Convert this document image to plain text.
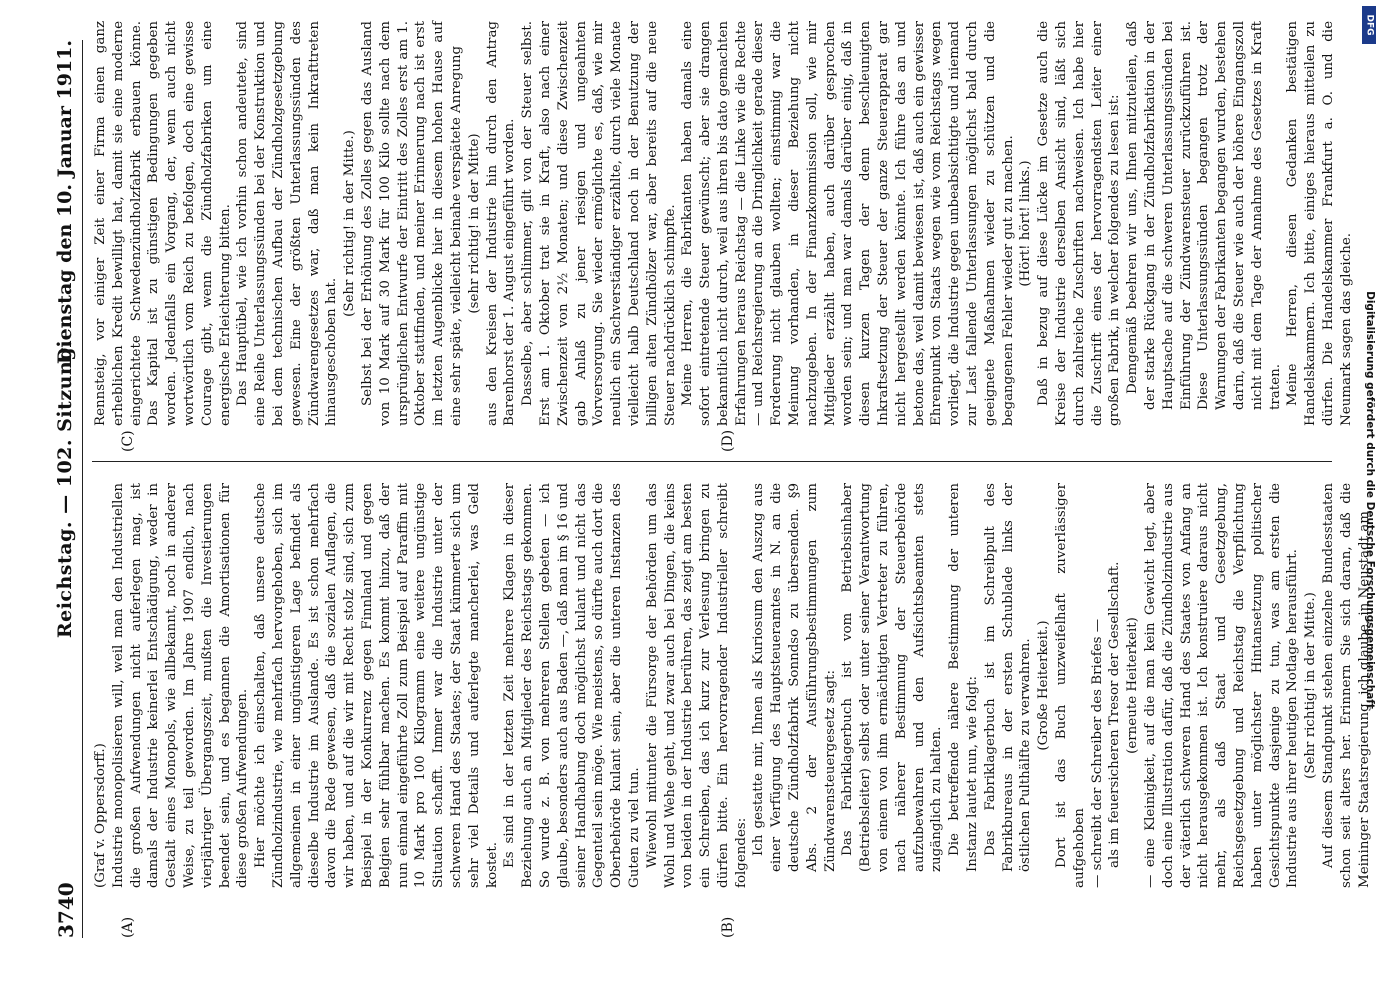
3740
Reichstag. — 102. Sitzung.
Dienstag den 10. Januar 1911.
(A)	(B)
(C)	(D)

(Graf v. Oppersdorff.) Industrie monopolisieren will, weil man den Industriellen die großen Aufwendungen nicht auferlegen mag, ist damals der Industrie keinerlei Entschädigung, weder in Gestalt eines Monopols, wie allbekannt, noch in anderer Weise, zu teil geworden. Im Jahre 1907 endlich, nach vierjähriger Übergangszeit, mußten die Investierungen beendet sein, und es begannen die Amortisationen für diese großen Aufwendungen. Hier möchte ich einschalten, daß unsere deutsche Zündholzindustrie, wie mehrfach hervorgehoben, sich im allgemeinen in einer ungünstigeren Lage befindet als dieselbe Industrie im Auslande. Es ist schon mehrfach davon die Rede gewesen, daß die sozialen Auflagen, die wir haben, und auf die wir mit Recht stolz sind, sich zum Beispiel in der Konkurrenz gegen Finnland und gegen Belgien sehr fühlbar machen. Es kommt hinzu, daß der nun einmal eingeführte Zoll zum Beispiel auf Paraffin mit 10 Mark pro 100 Kilogramm eine weitere ungünstige Situation schafft. Immer war die Industrie unter der schweren Hand des Staates; der Staat kümmerte sich um sehr viel Details und auferlegte mancherlei, was Geld kostet. Es sind in der letzten Zeit mehrere Klagen in dieser Beziehung auch an Mitglieder des Reichstags gekommen. So wurde z. B. von mehreren Stellen gebeten — ich glaube, besonders auch aus Baden —, daß man im § 16 und seiner Handhabung doch möglichst kulant und nicht das Gegenteil sein möge. Wie meistens, so dürfte auch dort die Oberbehörde kulant sein, aber die unteren Instanzen des Guten zu viel tun. Wiewohl mitunter die Fürsorge der Behörden um das Wohl und Wehe geht, und zwar auch bei Dingen, die keins von beiden in der Industrie berühren, das zeigt am besten ein Schreiben, das ich kurz zur Verlesung bringen zu dürfen bitte. Ein hervorragender Industrieller schreibt folgendes: Ich gestatte mir, Ihnen als Kuriosum den Auszug aus einer Verfügung des Hauptsteueramtes in N. an die deutsche Zündholzfabrik Sonndso zu übersenden. §9 Abs. 2 der Ausführungsbestimmungen zum Zündwarensteuergesetz sagt: Das Fabriklagerbuch ist vom Betriebsinhaber (Betriebsleiter) selbst oder unter seiner Verantwortung von einem von ihm ermächtigten Vertreter zu führen, nach näherer Bestimmung der Steuerbehörde aufzubewahren und den Aufsichtsbeamten stets zugänglich zu halten. Die betreffende nähere Bestimmung der unteren Instanz lautet nun, wie folgt: Das Fabriklagerbuch ist im Schreibpult des Fabrikbureaus in der ersten Schublade links der östlichen Pulthälfte zu verwahren. (Große Heiterkeit.) Dort ist das Buch unzweifelhaft zuverlässiger aufgehoben — schreibt der Schreiber des Briefes — als im feuersicheren Tresor der Gesellschaft. (erneute Heiterkeit) — eine Kleinigkeit, auf die man kein Gewicht legt, aber doch eine Illustration dafür, daß die Zündholzindustrie aus der väterlich schweren Hand des Staates von Anfang an nicht herausgekommen ist. Ich konstruiere daraus nicht mehr, als daß Staat und Gesetzgebung, Reichsgesetzgebung und Reichstag die Verpflichtung haben unter möglichster Hintansetzung politischer Gesichtspunkte dasjenige zu tun, was am ersten die Industrie aus ihrer heutigen Notlage herausführt. (Sehr richtig! in der Mitte.) Auf diesem Standpunkt stehen einzelne Bundesstaaten schon seit alters her. Erinnern Sie sich daran, daß die Meininger Staatsregierung, ich glaube, in Neustadt am

Rennsteig, vor einiger Zeit einer Firma einen ganz erheblichen Kredit bewilligt hat, damit sie eine moderne eingerichtete Schwedenzündholzfabrik erbauen könne. Das Kapital ist zu günstigen Bedingungen gegeben worden. Jedenfalls ein Vorgang, der, wenn auch nicht wortwörtlich vom Reich zu befolgen, doch eine gewisse Courage gibt, wenn die Zündholzfabriken um eine energische Erleichterung bitten. Das Hauptübel, wie ich vorhin schon andeutete, sind eine Reihe Unterlassungssünden bei der Konstruktion und bei dem technischen Aufbau der Zündholzgesetzgebung gewesen. Eine der größten Unterlassungssünden des Zündwarengesetzes war, daß man kein Inkrafttreten hinausgeschoben hat.

(Sehr richtig! in der Mitte.) Selbst bei der Erhöhung des Zolles gegen das Ausland von 10 Mark auf 30 Mark für 100 Kilo sollte nach dem ursprünglichen Entwurfe der Eintritt des Zolles erst am 1. Oktober stattfinden, und meiner Erinnerung nach ist erst im letzten Augenblicke hier in diesem hohen Hause auf eine sehr späte, vielleicht beinahe verspätete Anregung (sehr richtig! in der Mitte) aus den Kreisen der Industrie hin durch den Antrag Barenhorst der 1. August eingeführt worden. Dasselbe, aber schlimmer, gilt von der Steuer selbst. Erst am 1. Oktober trat sie in Kraft, also nach einer Zwischenzeit von 2½ Monaten; und diese Zwischenzeit gab Anlaß zu jener riesigen und ungeahnten Vorversorgung. Sie wieder ermöglichte es, daß, wie mir neulich ein Sachverständiger erzählte, durch viele Monate vielleicht halb Deutschland noch in der Benutzung der billigen alten Zündhölzer war, aber bereits auf die neue Steuer nachdrücklich schimpfte. Meine Herren, die Fabrikanten haben damals eine sofort eintretende Steuer gewünscht; aber sie drangen bekanntlich nicht durch, weil aus ihren bis dato gemachten Erfahrungen heraus Reichstag — die Linke wie die Rechte — und Reichsregierung an die Dringlichkeit gerade dieser Forderung nicht glauben wollten; einstimmig war die Meinung vorhanden, in dieser Beziehung nicht nachzugeben. In der Finanzkommission soll, wie mir Mitglieder erzählt haben, auch darüber gesprochen worden sein; und man war damals darüber einig, daß in diesen kurzen Tagen der denn beschleunigten Inkraftsetzung der Steuer der ganze Steuerapparat gar nicht hergestellt werden könnte. Ich führe das an und betone das, weil damit bewiesen ist, daß auch ein gewisser Ehrenpunkt von Staats wegen wie vom Reichstags wegen vorliegt, die Industrie gegen unbeabsichtigte und niemand zur Last fallende Unterlassungen möglichst bald durch geeignete Maßnahmen wieder zu schützen und die begangenen Fehler wieder gut zu machen. (Hört! hört! links.) Daß in bezug auf diese Lücke im Gesetze auch die Kreise der Industrie derselben Ansicht sind, läßt sich durch zahlreiche Zuschriften nachweisen. Ich habe hier die Zuschrift eines der hervorragendsten Leiter einer großen Fabrik, in welcher folgendes zu lesen ist: Demgemäß beehren wir uns, Ihnen mitzuteilen, daß der starke Rückgang in der Zündholzfabrikation in der Hauptsache auf die schweren Unterlassungssünden bei Einführung der Zündwarensteuer zurückzuführen ist. Diese Unterlassungssünden begangen trotz der Warnungen der Fabrikanten begangen wurden, bestehen darin, daß die Steuer wie auch der höhere Eingangszoll nicht mit dem Tage der Annahme des Gesetzes in Kraft traten. Meine Herren, diesen Gedanken bestätigen Handelskammern. Ich bitte, einiges hieraus mitteilen zu dürfen. Die Handelskammer Frankfurt a. O. und die Neumark sagen das gleiche.

DFG
Digitalisierung gefördert durch die Deutsche Forschungsgemeinschaft
